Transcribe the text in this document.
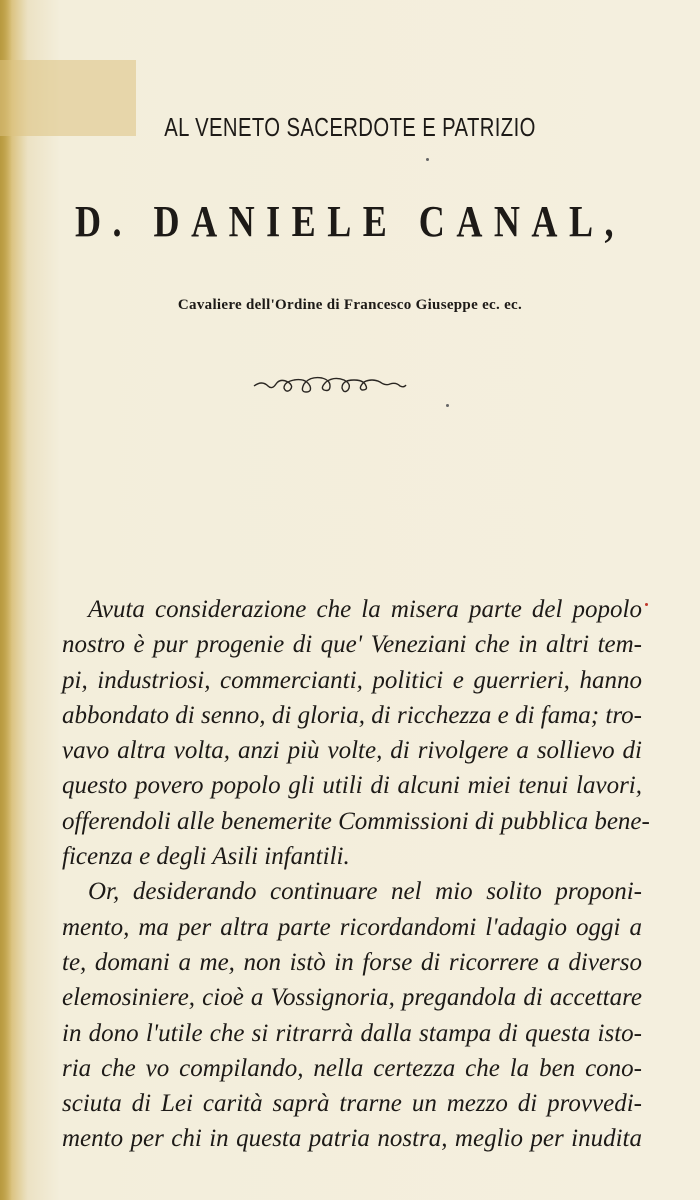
AL VENETO SACERDOTE E PATRIZIO
D. DANIELE CANAL,
Cavaliere dell'Ordine di Francesco Giuseppe ec. ec.

Avuta considerazione che la misera parte del popolo
nostro è pur progenie di que' Veneziani che in altri tem-
pi, industriosi, commercianti, politici e guerrieri, hanno
abbondato di senno, di gloria, di ricchezza e di fama; tro-
vavo altra volta, anzi più volte, di rivolgere a sollievo di
questo povero popolo gli utili di alcuni miei tenui lavori,
offerendoli alle benemerite Commissioni di pubblica bene-
ficenza e degli Asili infantili.

Or, desiderando continuare nel mio solito proponi-
mento, ma per altra parte ricordandomi l'adagio oggi a
te, domani a me, non istò in forse di ricorrere a diverso
elemosiniere, cioè a Vossignoria, pregandola di accettare
in dono l'utile che si ritrarrà dalla stampa di questa isto-
ria che vo compilando, nella certezza che la ben cono-
sciuta di Lei carità saprà trarne un mezzo di provvedi-
mento per chi in questa patria nostra, meglio per inudita
